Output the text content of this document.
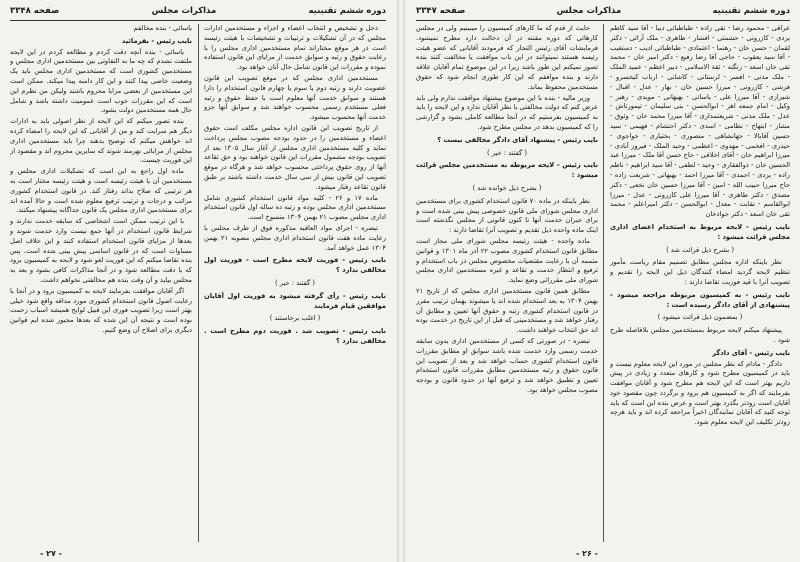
دوره ششم تقنینیه
مذاکرات مجلس
صفحه ۳۳۴۸

دخل و تشخیص و انتخاب اعضاء و اجزاء و مستخدمین ادارات مجلس که در آن تشکیلات و ترتیبات و تشخیصات با هیئت رئیسه است در هر موقع مختاراند تمام مستخدمین اداری مجلس را با رعایت حقوق و رتبه و سوابق خدمت از مزایای این قانون استفاده نموده و مقررات این قانون شامل حال آنان خواهد بود.

مستخدمین اداری مجلس که در موقع تصویب این قانون عضویت دارند و رتبه دوم یا سوم یا چهارم قانون استخدام را دارا هستند و سوابق خدمت آنها معلوم است با حفظ حقوق و رتبه فعلی مستخدم رسمی محسوب خواهند شد و سوابق آنها جزو خدمت آنها محسوب میشود.

از تاریخ تصویب این قانون اداره مجلس مکلف است حقوق اعضاء و مستخدمین را در حدود بودجه مصوب مجلس پرداخت نماید و کلیه مستخدمین اداری مجلس از آغاز سال ۱۳۰۵ بعد از تصویب بودجه مشمول مقررات این قانون خواهند بود و حق تقاعد آنها از روی حقوق پرداختی محسوب خواهد شد و هرگاه در موقع تصویب این قانون بیش از سی سال خدمت داشته باشند بر طبق قانون تقاعد رفتار میشود.

ماده ۱۷ و ۲۶ - کلیه مواد قانون استخدام کشوری شامل مستخدمین اداری مجلس بوده و رتبه ده ساله اول قانون استخدام اداری مجلس مصوب ۲۱ بهمن ۱۳۰۴ منسوخ است.

تبصره - اجرای مواد العاقیه مذکوره فوق از طرف مجلس با رعایت ماده هفت قانون استخدام اداری مجلس مصوبه ۲۱ بهمن ۱۳۰۴ عمل خواهد آمد.

نایب رئیس - فوریت لایحه مطرح است - فوریت اول مخالفی ندارد ؟

( گفتند : خیر )

نایب رئیس - رأی گرفته میشود به فوریت اول آقایان موافقین قیام فرمایند

( اغلب برخاستند )

نایب رئیس - تصویب شد . فوریت دوم مطرح است . مخالفی ندارد ؟

یاسائی - بنده مخالفم

نایب رئیس - بفرمائید

یاسائی - بنده آنچه دقت کردم و مطالعه کردم در این لایحه ملتفت نشدم که چه ما به التفاوتی بین مستخدمین اداری مجلس و مستخدمین کشوری است که مستخدمین اداری مجلس باید یک وضعیت خاصی پیدا کنند و این کار دامنه پیدا میکند. ممکن است این مستخدمین از بعضی مزایا محروم باشند ولیکن من نظرم این است که این مقررات خوب است عمومیت داشته باشد و شامل حال همه مستخدمین دولت بشود.

بنده تصور میکنم که این لایحه از نظر اصولی باید به ادارات دیگر هم سرایت کند و من از آقایانی که این لایحه را امضاء کرده اند خواهش میکنم که توضیح بدهند چرا باید مستخدمین اداری مجلس از مزایائی بهرمند شوند که سایرین محروم اند و مقصود از این فوریت چیست.

ماده اول راجع به این است که تشکیلات اداری مجلس و مستخدمین آن با هیئت رئیسه است و هیئت رئیسه مختار است به هر ترتیبی که صلاح بداند رفتار کند. در قانون استخدام کشوری مراتب و درجات و ترتیب ترفیع معلوم شده است و حالا آمده اند برای مستخدمین اداری مجلس یک قانون جداگانه پیشنهاد میکنند.

با این ترتیب ممکن است اشخاصی که سابقه خدمت ندارند و شرایط قانون استخدام در آنها جمع نیست وارد خدمت شوند و بعدها از مزایای قانون استخدام استفاده کنند و این خلاف اصل مساوات است که در قانون اساسی پیش بینی شده است. پس بنده تقاضا میکنم که این فوریت لغو شود و لایحه به کمیسیون برود که با دقت مطالعه شود و در آنجا مذاکرات کافی بشود و بعد به مجلس بیاید و آن وقت بنده هم مخالفتی نخواهم داشت.

اگر آقایان موافقت بفرمایند لایحه به کمیسیون برود و در آنجا با رعایت اصول قانون استخدام کشوری مورد مداقه واقع شود خیلی بهتر است زیرا تصویب فوری این قبیل لوایح همیشه اسباب زحمت بوده است و نتیجه آن این شده که بعدها مجبور شده ایم قوانین دیگری برای اصلاح آن وضع کنیم.

- ۲۷ -
دوره ششم تقنینیه
مذاکرات مجلس
صفحه ۳۳۴۷

عراقی - محمود رضا - تقی زاده - طباطبائی دیبا - آقا سید کاظم یزدی - کازرونی - حشمتی - افشار - طاهری - ملک آرائی - دکتر لقمان - حسن خان - رهنما - اعتمادی - طباطبائی ادیب - دستغیب - آقا سید یعقوب - حاجی آقا رضا رفیع - دکتر امیر خان - محمد تقی خان اسعد - زنگنه - ثقة الاسلامی - دبیر اعظم - عمید الملک - ملک مدنی - افسر - لرستانی - کاشانی - ارباب کیخسرو - فرشی - کازرونی - میرزا حسین خان - بهار - عدل - اقبال - شیرازی - آقا میرزا علی - یاسائی - بهبهانی - مویدی - رهبر - وکیل - امام جمعه اهر - ابوالحسن - بنی سلیمان - تیمورتاش - عدل - ملک مدنی - شریعتمداری - آقا میرزا محمد خان - وثوق - مشار - ابتهاج - نظامی - اسدی - دکتر احتشام - فهیمی - سید حسین آقابالا - جهانشاهی - منصوری - بختیاری - خواجوی - حیدری - افخمی - مهدوی - اعظمی - وحید الملک - فیروز آبادی - میرزا ابراهیم خان - آقای اخلاقی - حاج حسن آقا ملک - میرزا عبد الحسین خان - ذوالفقاری - وحید - لطفی - آقا سید ابراهیم - ناظم زاده - یزدی - احمدی - آقا میرزا احمد - بهبهانی - شریعت زاده - حاج میرزا حبیب الله - امین - آقا میرزا حسین خان نخعی - دکتر مصدق - دکتر طاهری - آقا میرزا علی کازرونی - عدل - میرزا ابوالقاسم - نقابت - معدل - ابوالحسن - دکتر امیراعلم - محمد تقی خان اسعد - دکتر جوادخان

نایب رئیس - لایحه مربوط به استخدام اعضای اداری مجلس قرائت میشود :

( بشرح ذیل قرائت شد )

نظر باینکه اداره مجلس مطابق تصمیم مقام ریاست مأمور تنظیم لایحه گردید امضاء کنندگان ذیل این لایحه را تقدیم و تصویب آنرا با قید فوریت تقاضا دارند :

نایب رئیس - به کمیسیون مربوطه مراجعه میشود - پیشنهادی از آقای دادگر رسیده است :

( بمضمون ذیل قرائت میشود )

پیشنهاد میکنم لایحه مربوط بمستخدمین مجلس بلافاصله طرح شود .

نایب رئیس - آقای دادگر

دادگر - مادام که نظر مجلس در مورد این لایحه معلوم نیست و باید در کمیسیون مطرح شود و کارهای متعدد و زیادی در پیش داریم بهتر است که این لایحه هم مطرح شود و آقایان موافقت بفرمایند که اگر به کمیسیون هم برود و برگردد چون مقصود خود آقایان است زودتر بگذرد بهتر است و عرض بنده این است که باید توجه کنید که آقایان نمایندگان اخیراً مراجعه کرده اند و باید هرچه زودتر تکلیف این لایحه معلوم شود.

حایت از قدم که ما کارهای کمیسیون را میبینیم ولی در مجلس کارهائی که دوره مقننه در آن دخالت دارد مطرح نمیشود. فرمایشات آقای رئیس التجار که فرمودند آقایانی که عضو هیئت رئیسه هستند نمیتوانند در این باب موافقت یا مخالفت کنند بنده تصور نمیکنم این طور باشد زیرا در این موضوع تمام آقایان علاقه دارند و بنده موافقم که این کار طوری انجام شود که حقوق مستخدمین محفوظ بماند.

وزیر مالیه - بنده با این موضوع پیشنهاد موافقت ندارم ولی باید عرض کنم که دولت مخالفتی با نظر آقایان ندارد و این لایحه را باید به کمیسیون بفرستیم که در آنجا مطالعه کاملی بشود و گزارشی را که کمیسیون بدهد در مجلس مطرح شود.

نایب رئیس - پیشنهاد آقای دادگر مخالفی نیست ؟

( گفتند : خیر )

نایب رئیس - لایحه مربوطه به مستخدمین مجلس قرائت میشود :

( بشرح ذیل خوانده شد )

نظر باینکه در ماده ۷۰ قانون استخدام کشوری برای مستخدمین اداری مجلس شورای ملی قانون خصوصی پیش بینی شده است و برای جبران خدمت آنها تا کنون قانونی از مجلس نگذشته است اینک ماده واحده ذیل تقدیم و تصویب آنرا تقاضا دارند :

ماده واحده - هیئت رئیسه مجلس شورای ملی مجاز است مطابق قانون استخدام کشوری مصوب ۲۲ آذر ماه ۱۳۰۱ و قوانین متممه آن با رعایت مقتضیات مخصوص مجلس در باب استخدام و ترفیع و انتظار خدمت و تقاعد و غیره مستخدمین اداری مجلس شورای ملی مقرراتی وضع نماید.

مطابق همین قانون مستخدمین اداری مجلس که از تاریخ ۲۱ بهمن ۱۳۰۴ به بعد استخدام شده اند یا میشوند بهمان ترتیب مقرر در قانون استخدام کشوری رتبه و حقوق آنها تعیین و مطابق آن رفتار خواهد شد و مستخدمینی که قبل از این تاریخ در خدمت بوده اند حق انتخاب خواهند داشت.

تبصره - در صورتی که کسی از مستخدمین اداری بدون سابقه خدمت رسمی وارد خدمت شده باشد سوابق او مطابق مقررات قانون استخدام کشوری حساب خواهد شد و بعد از تصویب این قانون حقوق و رتبه مستخدمین مطابق مقررات قانون استخدام تعیین و تطبیق خواهد شد و ترفیع آنها در حدود قانون و بودجه مصوب مجلس خواهد بود.

- ۲۶ -
